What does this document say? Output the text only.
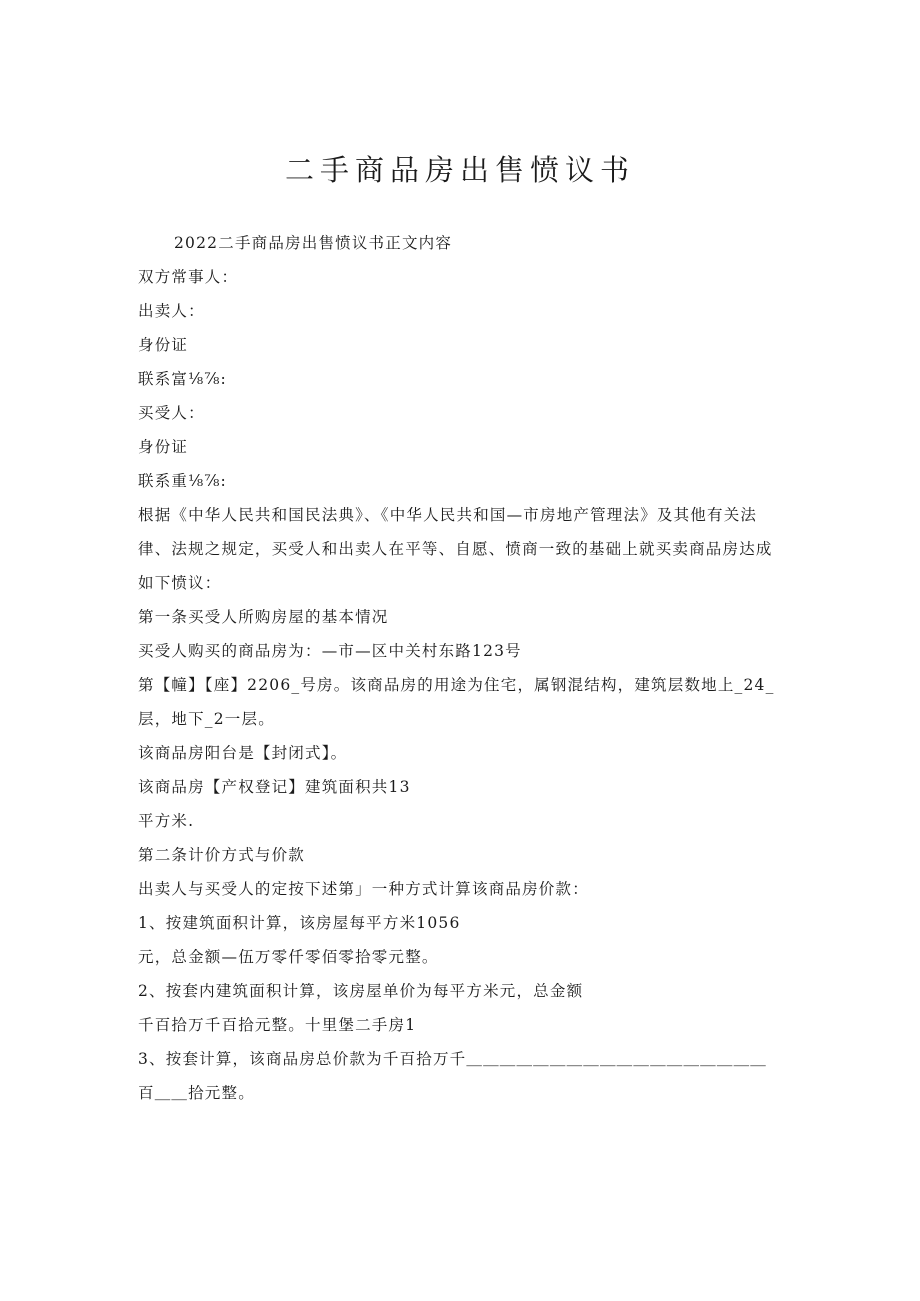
二手商品房出售愤议书
2022二手商品房出售愤议书正文内容
双方常事人：
出卖人：
身份证
联系富⅛⅞:
买受人：
身份证
联系重⅛⅞:
根据《中华人民共和国民法典》、《中华人民共和国—市房地产管理法》及其他有关法
律、法规之规定，买受人和出卖人在平等、自愿、愤商一致的基础上就买卖商品房达成
如下愤议：
第一条买受人所购房屋的基本情况
买受人购买的商品房为：—市—区中关村东路123号
第【幢】【座】2206_号房。该商品房的用途为住宅，属钢混结构，建筑层数地上_24_
层，地下_2一层。
该商品房阳台是【封闭式】。
该商品房【产权登记】建筑面积共13
平方米.
第二条计价方式与价款
出卖人与买受人的定按下述第」一种方式计算该商品房价款：
1、按建筑面积计算，该房屋每平方米1056
元，总金额—伍万零仟零佰零拾零元整。
2、按套内建筑面积计算，该房屋单价为每平方米元，总金额
千百拾万千百拾元整。十里堡二手房1
3、按套计算，该商品房总价款为千百拾万千＿＿＿＿＿＿＿＿＿＿＿＿＿＿＿＿＿＿
百＿＿拾元整。
